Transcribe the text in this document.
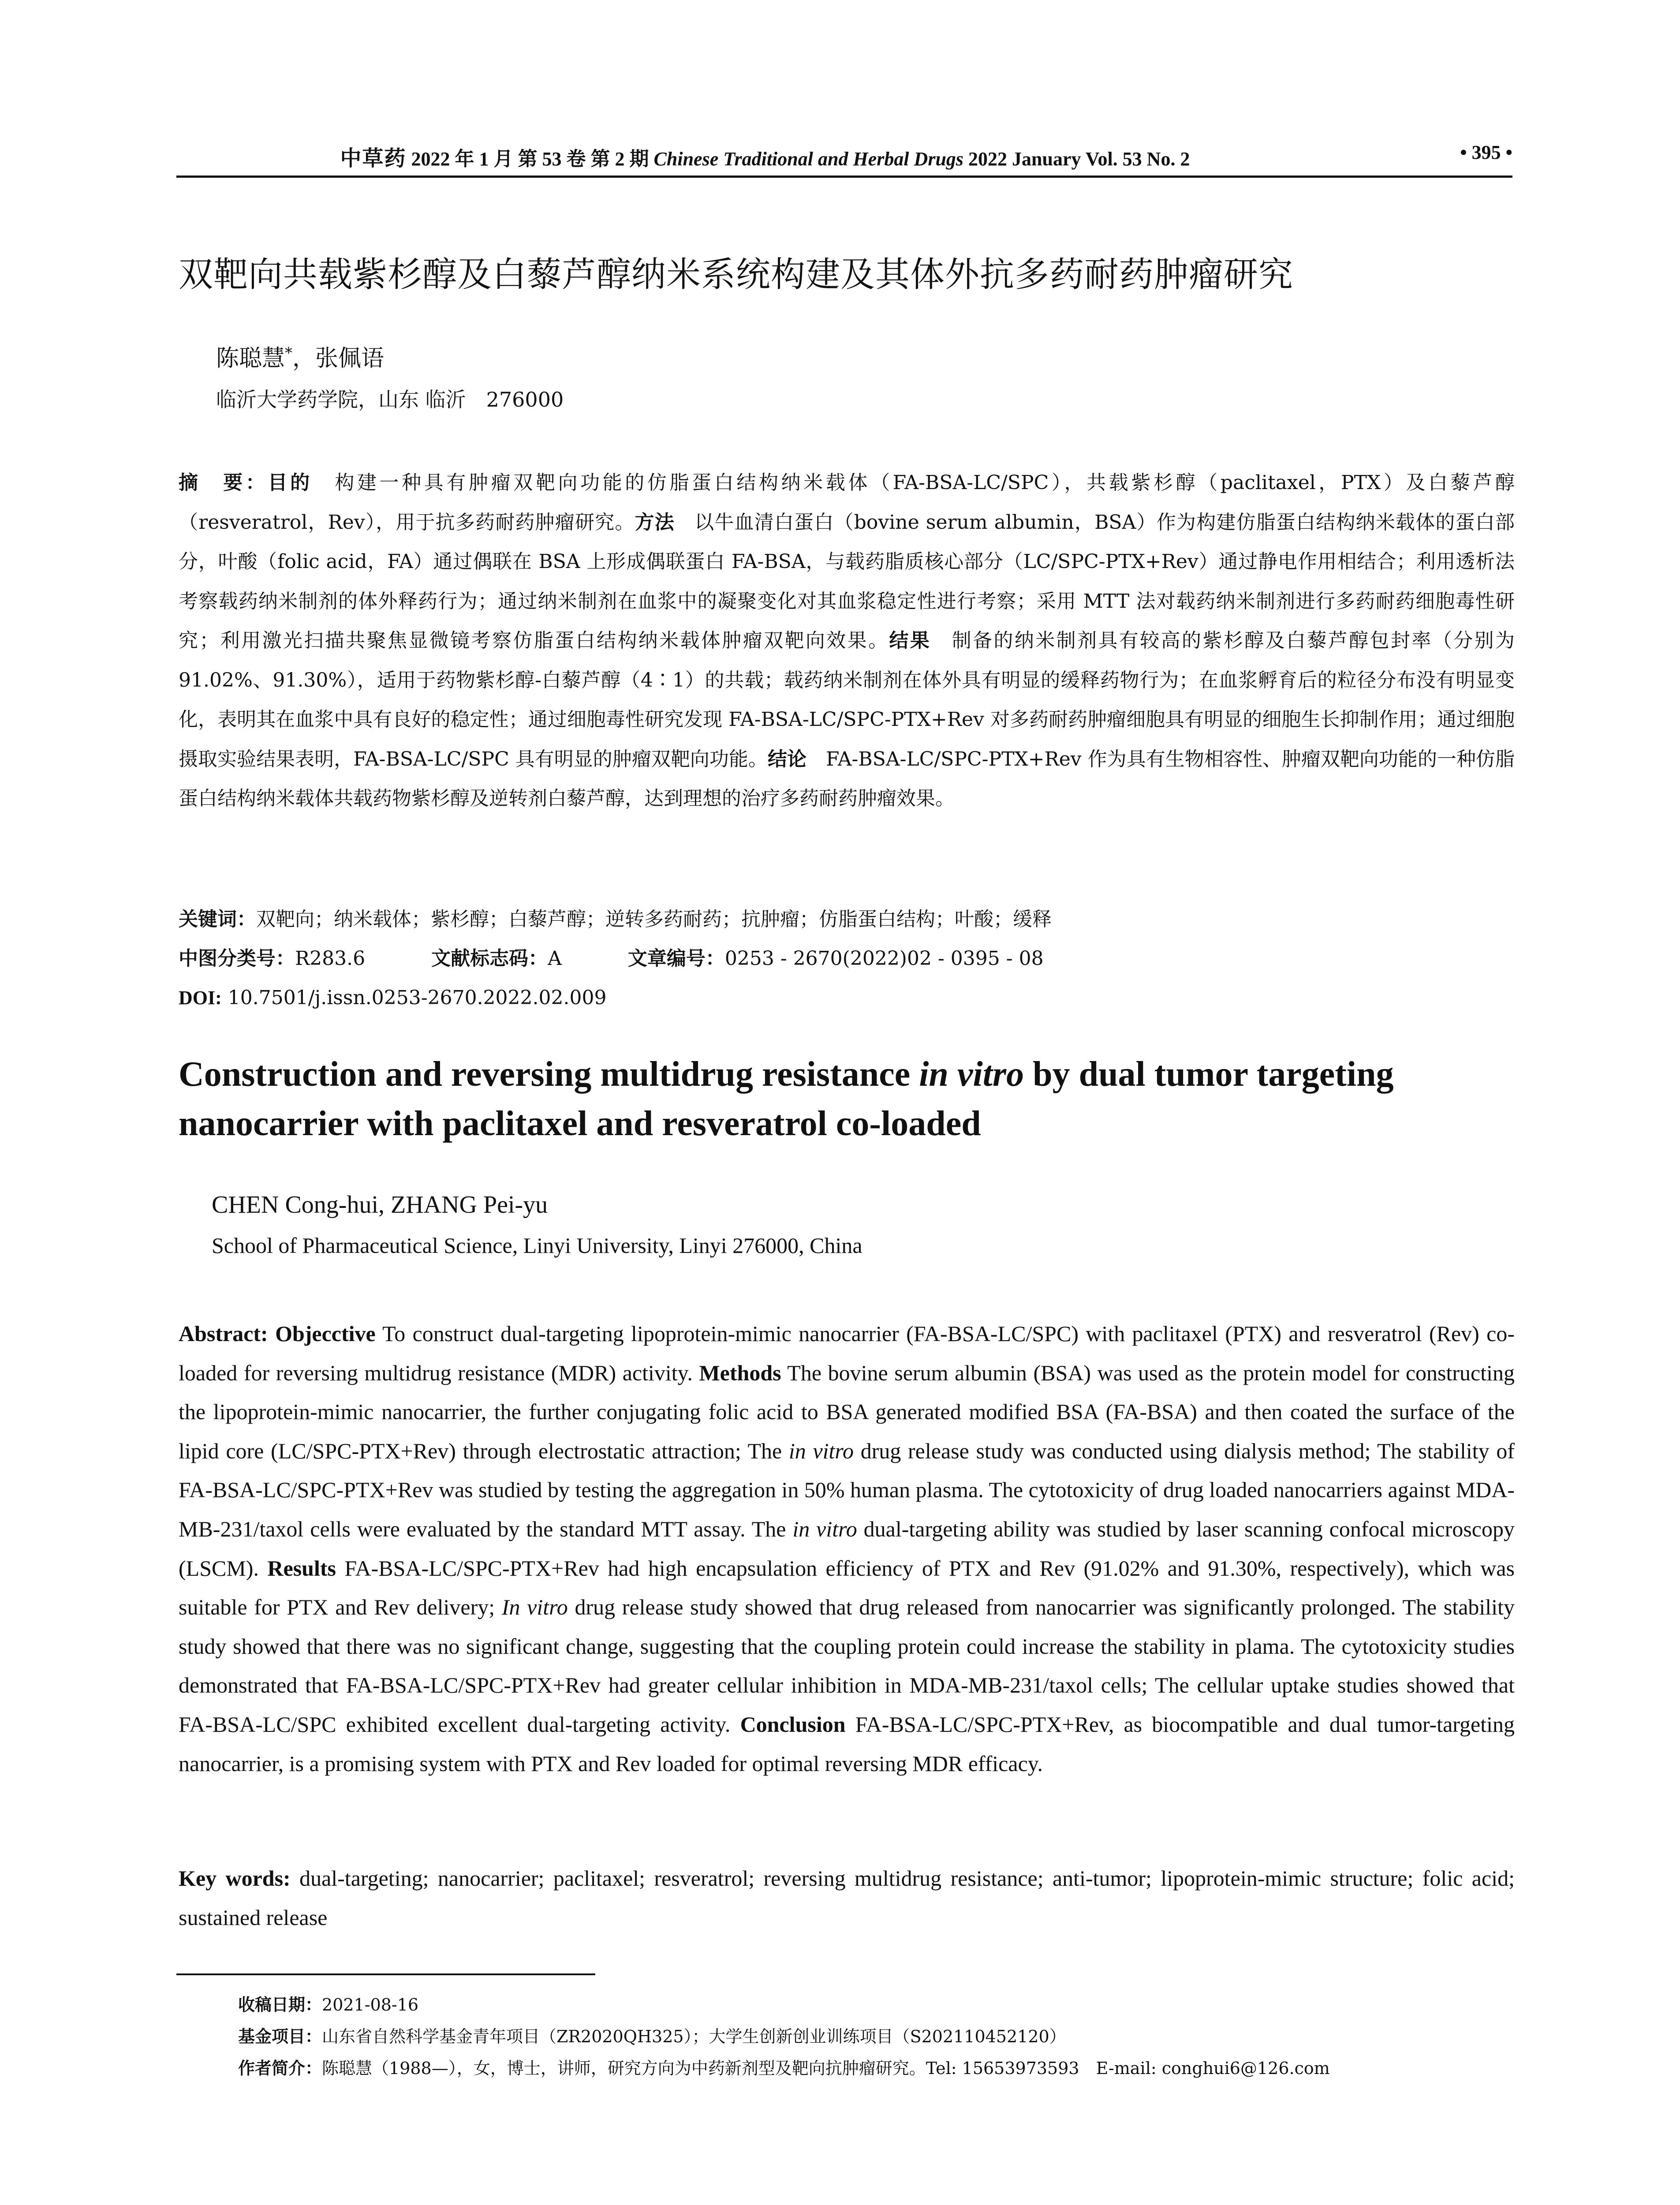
中草药 2022 年 1 月 第 53 卷 第 2 期 Chinese Traditional and Herbal Drugs 2022 January Vol. 53 No. 2	• 395 •
双靶向共载紫杉醇及白藜芦醇纳米系统构建及其体外抗多药耐药肿瘤研究
陈聪慧*，张佩语
临沂大学药学院，山东 临沂　276000
摘　要：目的　构建一种具有肿瘤双靶向功能的仿脂蛋白结构纳米载体（FA-BSA-LC/SPC），共载紫杉醇（paclitaxel，PTX）及白藜芦醇（resveratrol，Rev），用于抗多药耐药肿瘤研究。方法　以牛血清白蛋白（bovine serum albumin，BSA）作为构建仿脂蛋白结构纳米载体的蛋白部分，叶酸（folic acid，FA）通过偶联在 BSA 上形成偶联蛋白 FA-BSA，与载药脂质核心部分（LC/SPC-PTX+Rev）通过静电作用相结合；利用透析法考察载药纳米制剂的体外释药行为；通过纳米制剂在血浆中的凝聚变化对其血浆稳定性进行考察；采用 MTT 法对载药纳米制剂进行多药耐药细胞毒性研究；利用激光扫描共聚焦显微镜考察仿脂蛋白结构纳米载体肿瘤双靶向效果。结果　制备的纳米制剂具有较高的紫杉醇及白藜芦醇包封率（分别为 91.02%、91.30%），适用于药物紫杉醇-白藜芦醇（4∶1）的共载；载药纳米制剂在体外具有明显的缓释药物行为；在血浆孵育后的粒径分布没有明显变化，表明其在血浆中具有良好的稳定性；通过细胞毒性研究发现 FA-BSA-LC/SPC-PTX+Rev 对多药耐药肿瘤细胞具有明显的细胞生长抑制作用；通过细胞摄取实验结果表明，FA-BSA-LC/SPC 具有明显的肿瘤双靶向功能。结论　FA-BSA-LC/SPC-PTX+Rev 作为具有生物相容性、肿瘤双靶向功能的一种仿脂蛋白结构纳米载体共载药物紫杉醇及逆转剂白藜芦醇，达到理想的治疗多药耐药肿瘤效果。
关键词：双靶向；纳米载体；紫杉醇；白藜芦醇；逆转多药耐药；抗肿瘤；仿脂蛋白结构；叶酸；缓释
中图分类号：R283.6	文献标志码：A	文章编号：0253 - 2670(2022)02 - 0395 - 08
DOI: 10.7501/j.issn.0253-2670.2022.02.009
Construction and reversing multidrug resistance in vitro by dual tumor targeting nanocarrier with paclitaxel and resveratrol co-loaded
CHEN Cong-hui, ZHANG Pei-yu
School of Pharmaceutical Science, Linyi University, Linyi 276000, China
Abstract: Objecctive To construct dual-targeting lipoprotein-mimic nanocarrier (FA-BSA-LC/SPC) with paclitaxel (PTX) and resveratrol (Rev) co-loaded for reversing multidrug resistance (MDR) activity. Methods The bovine serum albumin (BSA) was used as the protein model for constructing the lipoprotein-mimic nanocarrier, the further conjugating folic acid to BSA generated modified BSA (FA-BSA) and then coated the surface of the lipid core (LC/SPC-PTX+Rev) through electrostatic attraction; The in vitro drug release study was conducted using dialysis method; The stability of FA-BSA-LC/SPC-PTX+Rev was studied by testing the aggregation in 50% human plasma. The cytotoxicity of drug loaded nanocarriers against MDA-MB-231/taxol cells were evaluated by the standard MTT assay. The in vitro dual-targeting ability was studied by laser scanning confocal microscopy (LSCM). Results FA-BSA-LC/SPC-PTX+Rev had high encapsulation efficiency of PTX and Rev (91.02% and 91.30%, respectively), which was suitable for PTX and Rev delivery; In vitro drug release study showed that drug released from nanocarrier was significantly prolonged. The stability study showed that there was no significant change, suggesting that the coupling protein could increase the stability in plama. The cytotoxicity studies demonstrated that FA-BSA-LC/SPC-PTX+Rev had greater cellular inhibition in MDA-MB-231/taxol cells; The cellular uptake studies showed that FA-BSA-LC/SPC exhibited excellent dual-targeting activity. Conclusion FA-BSA-LC/SPC-PTX+Rev, as biocompatible and dual tumor-targeting nanocarrier, is a promising system with PTX and Rev loaded for optimal reversing MDR efficacy.
Key words: dual-targeting; nanocarrier; paclitaxel; resveratrol; reversing multidrug resistance; anti-tumor; lipoprotein-mimic structure; folic acid; sustained release
收稿日期：2021-08-16
基金项目：山东省自然科学基金青年项目（ZR2020QH325）；大学生创新创业训练项目（S202110452120）
作者简介：陈聪慧（1988—），女，博士，讲师，研究方向为中药新剂型及靶向抗肿瘤研究。Tel: 15653973593　E-mail: conghui6@126.com
